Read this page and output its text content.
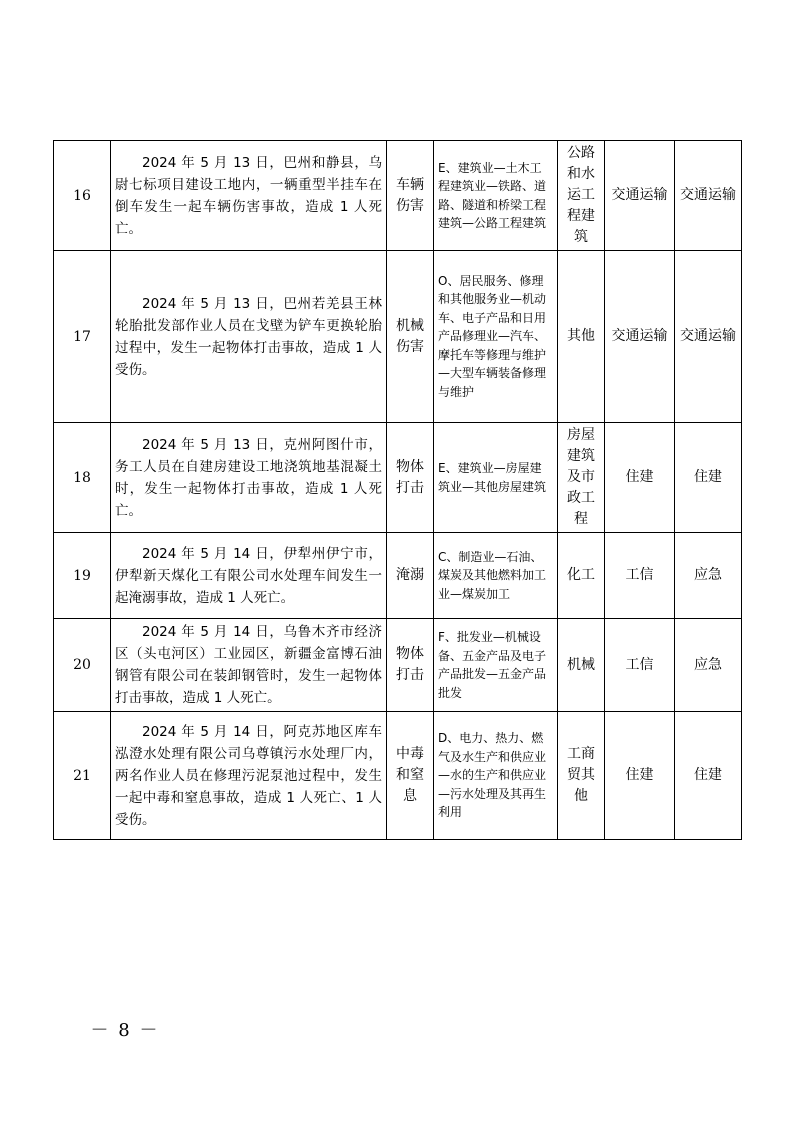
16	2024 年 5 月 13 日，巴州和静县，乌尉七标项目建设工地内，一辆重型半挂车在倒车发生一起车辆伤害事故，造成 1 人死亡。	车辆伤害	E、建筑业—土木工程建筑业—铁路、道路、隧道和桥梁工程建筑—公路工程建筑	公路和水运工程建筑	交通运输	交通运输
17	2024 年 5 月 13 日，巴州若羌县王林轮胎批发部作业人员在戈壁为铲车更换轮胎过程中，发生一起物体打击事故，造成 1 人受伤。	机械伤害	O、居民服务、修理和其他服务业—机动车、电子产品和日用产品修理业—汽车、摩托车等修理与维护—大型车辆装备修理与维护	其他	交通运输	交通运输
18	2024 年 5 月 13 日，克州阿图什市，务工人员在自建房建设工地浇筑地基混凝土时，发生一起物体打击事故，造成 1 人死亡。	物体打击	E、建筑业—房屋建筑业—其他房屋建筑	房屋建筑及市政工程	住建	住建
19	2024 年 5 月 14 日，伊犁州伊宁市，伊犁新天煤化工有限公司水处理车间发生一起淹溺事故，造成 1 人死亡。	淹溺	C、制造业—石油、煤炭及其他燃料加工业—煤炭加工	化工	工信	应急
20	2024 年 5 月 14 日，乌鲁木齐市经济区（头屯河区）工业园区，新疆金富博石油钢管有限公司在装卸钢管时，发生一起物体打击事故，造成 1 人死亡。	物体打击	F、批发业—机械设备、五金产品及电子产品批发—五金产品批发	机械	工信	应急
21	2024 年 5 月 14 日，阿克苏地区库车泓澄水处理有限公司乌尊镇污水处理厂内，两名作业人员在修理污泥泵池过程中，发生一起中毒和窒息事故，造成 1 人死亡、1 人受伤。	中毒和窒息	D、电力、热力、燃气及水生产和供应业—水的生产和供应业—污水处理及其再生利用	工商贸其他	住建	住建
－ 8 －
